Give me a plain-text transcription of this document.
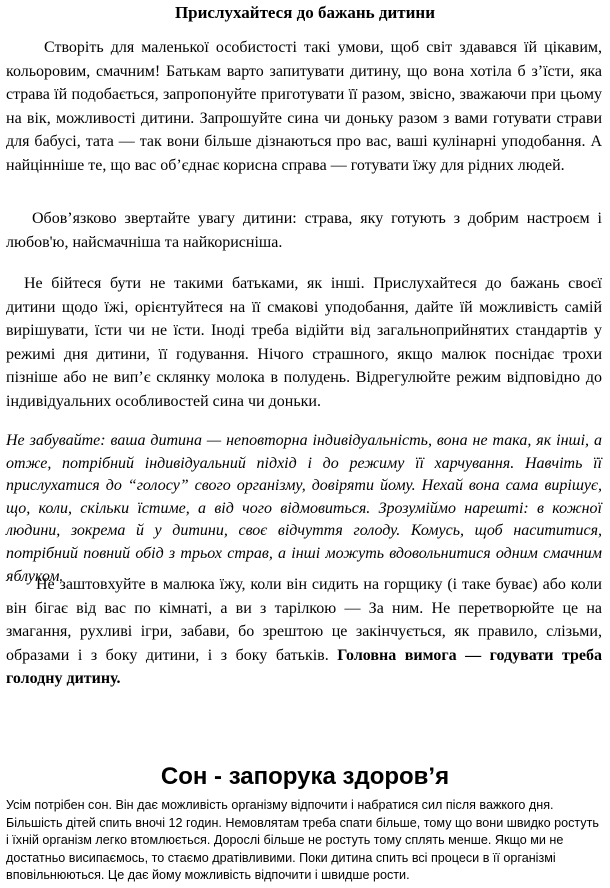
Прислухайтеся до бажань дитини

Створіть для маленької особистості такі умови, щоб світ здавався їй цікавим, кольоровим, смачним! Батькам варто запитувати дитину, що вона хотіла б з’їсти, яка страва їй подобається, запропонуйте приготувати її разом, звісно, зважаючи при цьому на вік, можливості дитини. Запрошуйте сина чи доньку разом з вами готувати страви для бабусі, тата — так вони більше дізнаються про вас, ваші кулінарні уподобання. А найцінніше те, що вас об’єднає корисна справа — готувати їжу для рідних людей.

Обов’язково звертайте увагу дитини: страва, яку готують з добрим настроєм і любов'ю, найсмачніша та найкорисніша.

Не бійтеся бути не такими батьками, як інші. Прислухайтеся до бажань своєї дитини щодо їжі, орієнтуйтеся на її смакові уподобання, дайте їй можливість самій вирішувати, їсти чи не їсти. Іноді треба відійти від загальноприйнятих стандартів у режимі дня дитини, її годування. Нічого страшного, якщо малюк поснідає трохи пізніше або не вип’є склянку молока в полудень. Відрегулюйте режим відповідно до індивідуальних особливостей сина чи доньки.

Не забувайте: ваша дитина — неповторна індивідуальність, вона не така, як інші, а отже, потрібний індивідуальний підхід і до режиму її харчування. Навчіть її прислухатися до “голосу” свого організму, довіряти йому. Нехай вона сама вирішує, що, коли, скільки їстиме, а від чого відмовиться. Зрозуміймо нарешті: в кожної людини, зокрема й у дитини, своє відчуття голоду. Комусь, щоб насититися, потрібний повний обід з трьох страв, а інші можуть вдовольнитися одним смачним яблуком.

Не заштовхуйте в малюка їжу, коли він сидить на горщику (і таке буває) або коли він бігає від вас по кімнаті, а ви з тарілкою — За ним. Не перетворюйте це на змагання, рухливі ігри, забави, бо зрештою це закінчується, як правило, слізьми, образами і з боку дитини, і з боку батьків. Головна вимога — годувати треба голодну дитину.

Сон - запорука здоров’я

Усім потрібен сон. Він дає можливість організму відпочити і набратися сил після важкого дня. Більшість дітей спить вночі 12 годин. Немовлятам треба спати більше, тому що вони швидко ростуть і їхній організм легко втомлюється. Дорослі більше не ростуть тому сплять менше. Якщо ми не достатньо висипаємось, то стаємо дратівливими. Поки дитина спить всі процеси в її організмі вповільнюються. Це дає йому можливість відпочити і швидше рости.
